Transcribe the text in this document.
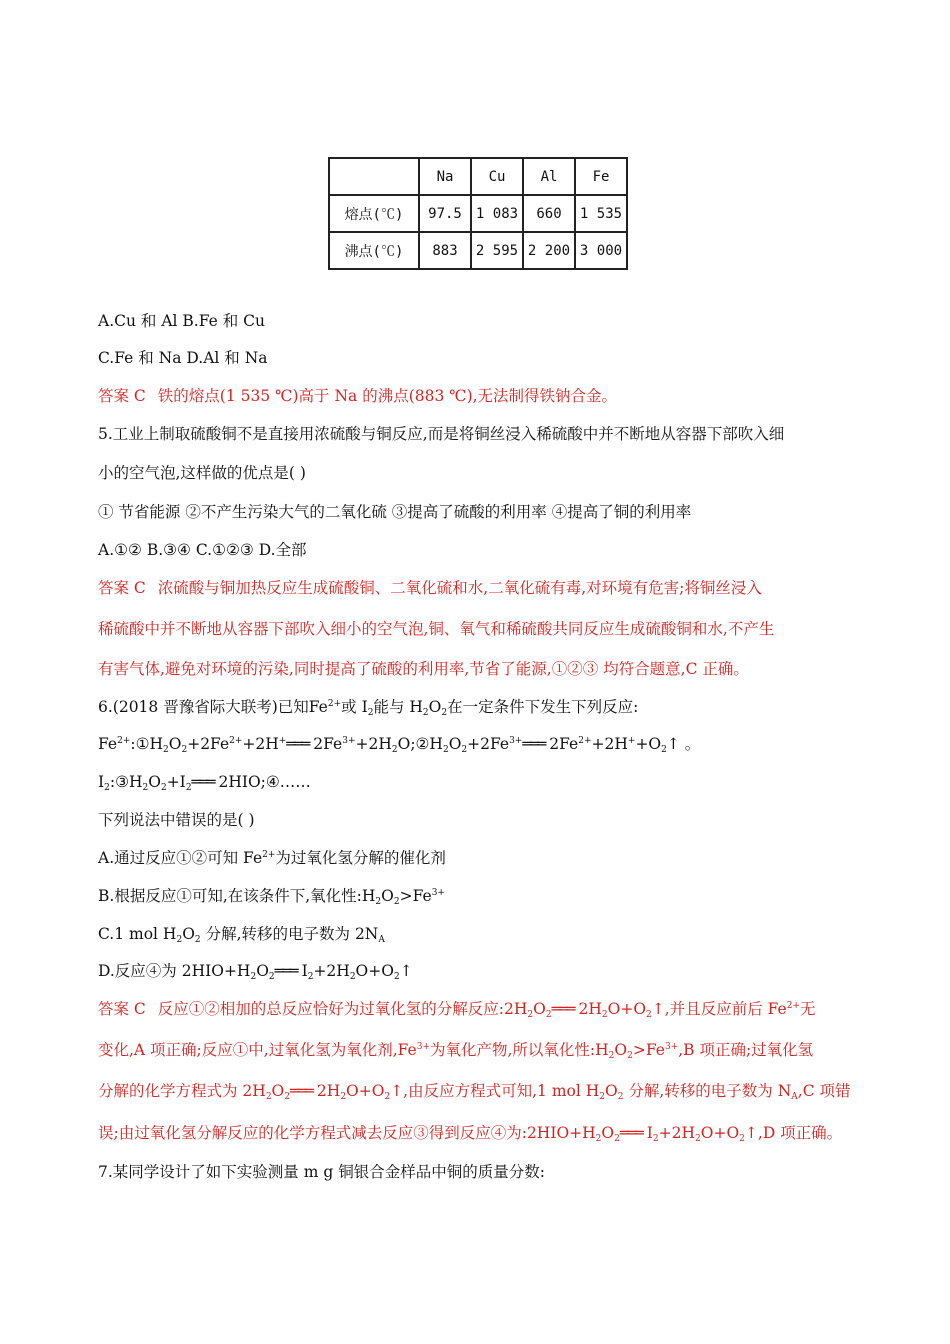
	Na	Cu	Al	Fe
熔点(℃)	97.5	1 083	660	1 535
沸点(℃)	883	2 595	2 200	3 000
A.Cu 和 Al B.Fe 和 Cu
C.Fe 和 Na D.Al 和 Na
答案 C 铁的熔点(1 535 ℃)高于 Na 的沸点(883 ℃),无法制得铁钠合金。
5.工业上制取硫酸铜不是直接用浓硫酸与铜反应,而是将铜丝浸入稀硫酸中并不断地从容器下部吹入细
小的空气泡,这样做的优点是( )
① 节省能源 ②不产生污染大气的二氧化硫 ③提高了硫酸的利用率 ④提高了铜的利用率
A.①② B.③④ C.①②③ D.全部
答案 C 浓硫酸与铜加热反应生成硫酸铜、二氧化硫和水,二氧化硫有毒,对环境有危害;将铜丝浸入
稀硫酸中并不断地从容器下部吹入细小的空气泡,铜、氧气和稀硫酸共同反应生成硫酸铜和水,不产生
有害气体,避免对环境的污染,同时提高了硫酸的利用率,节省了能源,①②③ 均符合题意,C 正确。
6.(2018 晋豫省际大联考)已知$Fe^{2+}$或 $I_2$能与 $H_2O_2$在一定条件下发生下列反应:
$Fe^{2+}:①H_2O_2+2Fe^{2+}+2H^+═══$ $2Fe^{3+}+2H_2O;②H_2O_2+2Fe^{3+}═══$ $2Fe^{2+}+2H^++O_2↑$ 。
$I_2:③H_2O_2+I_2═══$ 2HIO;④……
下列说法中错误的是( )
A.通过反应①②可知 $Fe^{2+}$为过氧化氢分解的催化剂
B.根据反应①可知,在该条件下,氧化性$:H_2O_2>Fe^{3+}$
C.1 mol $H_2O_2$ 分解,转移的电子数为 $2N_A$
D.反应④为 $2HIO+H_2O_2═══$ $I_2+2H_2O+O_2↑$
答案 C 反应①②相加的总反应恰好为过氧化氢的分解反应$:2H_2O_2═══$ $2H_2O+O_2↑$,并且反应前后 $Fe^{2+}$无
变化,A 项正确;反应①中,过氧化氢为氧化剂$,Fe^{3+}$为氧化产物,所以氧化性$:H_2O_2>Fe^{3+},B$ 项正确;过氧化氢
分解的化学方程式为 $2H_2O_2═══$ $2H_2O+O_2↑$,由反应方程式可知,1 mol $H_2O_2$ 分解,转移的电子数为 $N_A,C$ 项错
误;由过氧化氢分解反应的化学方程式减去反应③得到反应④为$:2HIO+H_2O_2═══$ $I_2+2H_2O+O_2↑,D$ 项正确。
7.某同学设计了如下实验测量 m g 铜银合金样品中铜的质量分数:
